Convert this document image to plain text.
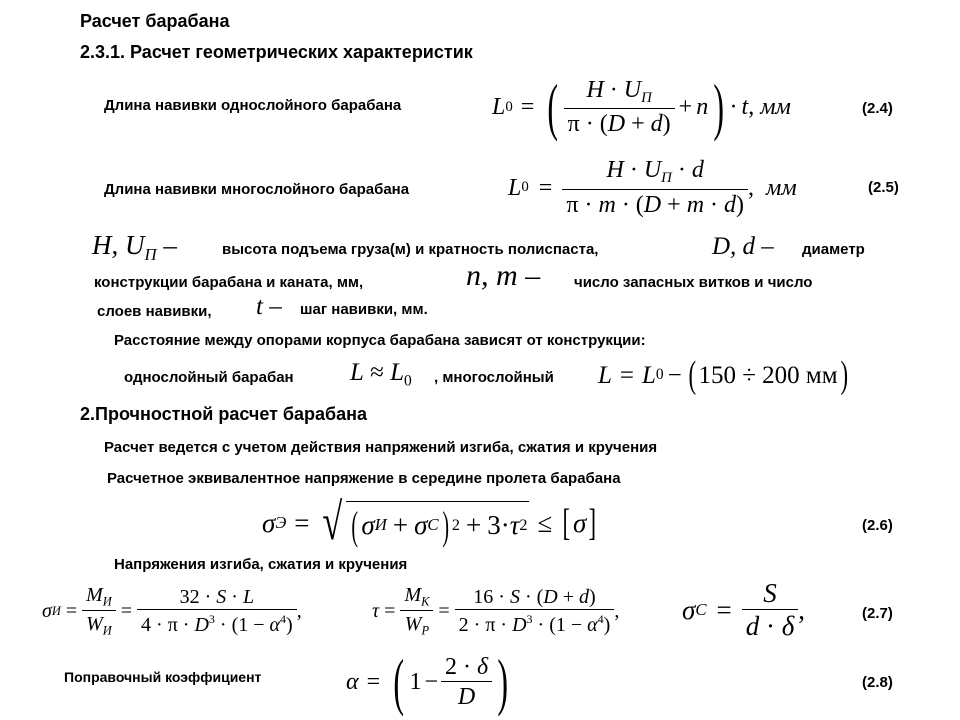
Расчет барабана
2.3.1. Расчет геометрических характеристик
Длина навивки однослойного барабана	L 0 = ( $\frac{H \cdot U_П}{\pi \cdot (D + d)} + n$ ) · t , мм	(2.4)
Длина навивки многослойного барабана	L $0 = \frac{H \cdot U_П \cdot d}{\pi \cdot m \cdot (D + m \cdot d)}$ , мм	(2.5)
H, $U_П$ –	высота подъема груза(м) и кратность полиспаста,	D, d – диаметр
конструкции барабана и каната, мм,	n, m – число запасных витков и число
слоев навивки, t – шаг навивки, мм.
Расстояние между опорами корпуса барабана зависят от конструкции:
однослойный барабан $L \approx L_0$ , многослойный L = L 0 − ( 150 ÷ 200 мм )
2.Прочностной расчет барабана
Расчет ведется с учетом действия напряжений изгиба, сжатия и кручения
Расчетное эквивалентное напряжение в середине пролета барабана
σ Э = √ ( σ И + σ С ) 2 + 3 · τ 2 ≤ [ σ ]	(2.6)
Напряжения изгиба, сжатия и кручения
σ $И = \frac{M_И}{W_И} = \frac{32 \cdot S \cdot L}{4 \cdot \pi \cdot D^3 \cdot (1 - \alpha^4)}$ ,	$\tau = \frac{M_К}{W_Р} = \frac{16 \cdot S \cdot (D + d)}{2 \cdot \pi \cdot D^3 \cdot (1 - \alpha^4)}$ , σ $С = \frac{S}{d \cdot \delta}$ ,	(2.7)
Поправочный коэффициент	α = ( $1 - \frac{2 \cdot \delta}{D}$ )	(2.8)
